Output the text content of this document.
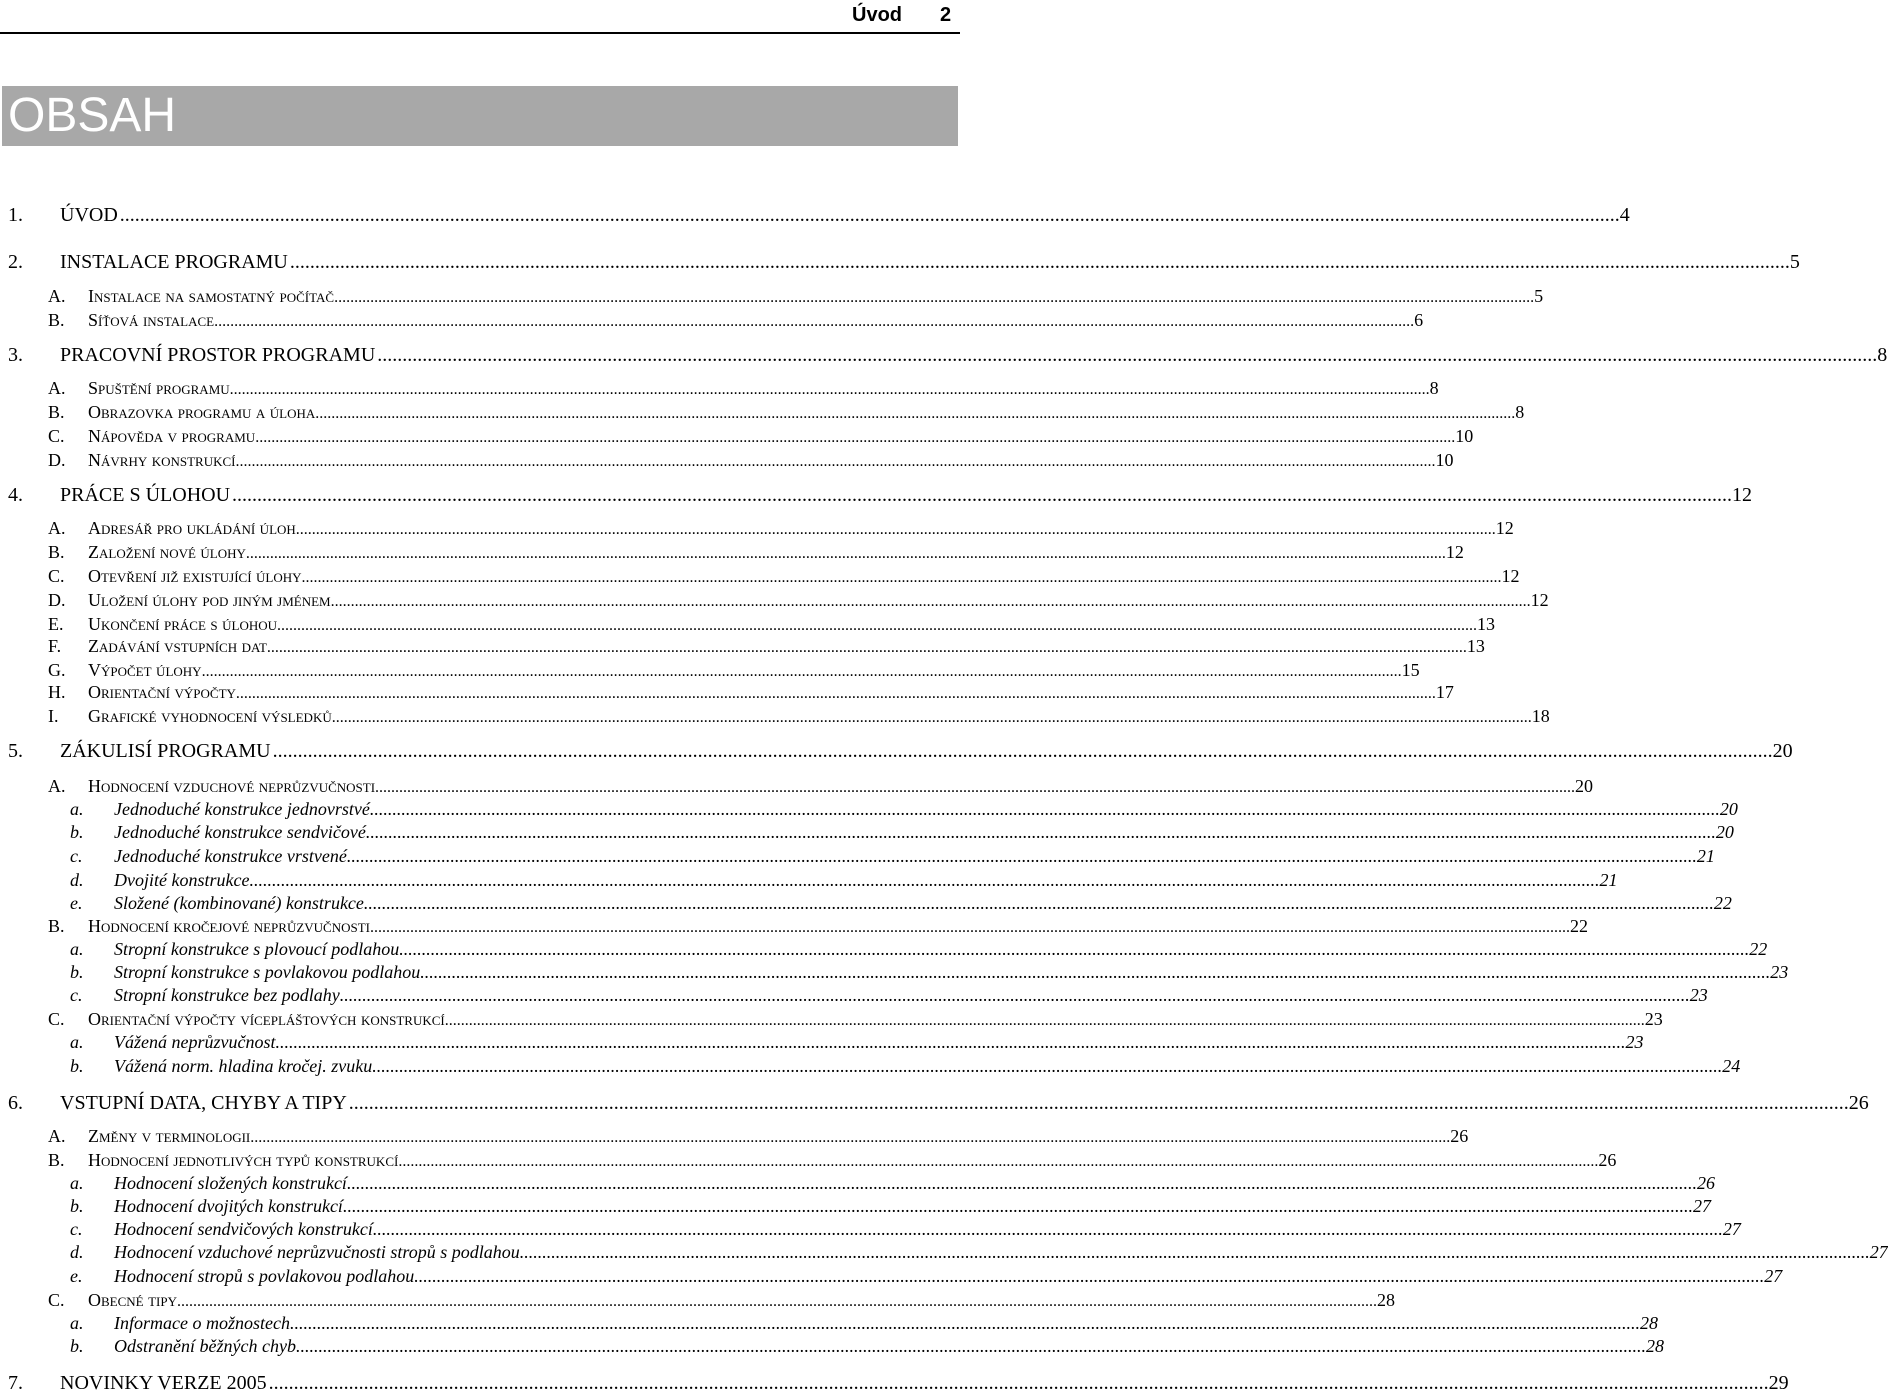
Úvod 2
OBSAH
1. ÚVOD ............................................................................................................................................................................................................................................................................................................ 4
2. INSTALACE PROGRAMU ............................................................................................................................................................................................................................................................................................................ 5
A. Instalace na samostatný počítač ............................................................................................................................................................................................................................................................................................................ 5
B. Síťová instalace ............................................................................................................................................................................................................................................................................................................ 6
3. PRACOVNÍ PROSTOR PROGRAMU ............................................................................................................................................................................................................................................................................................................ 8
A. Spuštění programu ............................................................................................................................................................................................................................................................................................................ 8
B. Obrazovka programu a úloha ............................................................................................................................................................................................................................................................................................................ 8
C. Nápověda v programu ............................................................................................................................................................................................................................................................................................................ 10
D. Návrhy konstrukcí ............................................................................................................................................................................................................................................................................................................ 10
4. PRÁCE S ÚLOHOU ............................................................................................................................................................................................................................................................................................................ 12
A. Adresář pro ukládání úloh ............................................................................................................................................................................................................................................................................................................ 12
B. Založení nové úlohy ............................................................................................................................................................................................................................................................................................................ 12
C. Otevření již existující úlohy ............................................................................................................................................................................................................................................................................................................ 12
D. Uložení úlohy pod jiným jménem ............................................................................................................................................................................................................................................................................................................ 12
E. Ukončení práce s úlohou ............................................................................................................................................................................................................................................................................................................ 13
F. Zadávání vstupních dat ............................................................................................................................................................................................................................................................................................................ 13
G. Výpočet úlohy ............................................................................................................................................................................................................................................................................................................ 15
H. Orientační výpočty ............................................................................................................................................................................................................................................................................................................ 17
I. Grafické vyhodnocení výsledků ............................................................................................................................................................................................................................................................................................................ 18
5. ZÁKULISÍ PROGRAMU ............................................................................................................................................................................................................................................................................................................ 20
A. Hodnocení vzduchové neprůzvučnosti ............................................................................................................................................................................................................................................................................................................ 20
a. Jednoduché konstrukce jednovrstvé ............................................................................................................................................................................................................................................................................................................ 20
b. Jednoduché konstrukce sendvičové ............................................................................................................................................................................................................................................................................................................ 20
c. Jednoduché konstrukce vrstvené ............................................................................................................................................................................................................................................................................................................ 21
d. Dvojité konstrukce ............................................................................................................................................................................................................................................................................................................ 21
e. Složené (kombinované) konstrukce ............................................................................................................................................................................................................................................................................................................ 22
B. Hodnocení kročejové neprůzvučnosti ............................................................................................................................................................................................................................................................................................................ 22
a. Stropní konstrukce s plovoucí podlahou ............................................................................................................................................................................................................................................................................................................ 22
b. Stropní konstrukce s povlakovou podlahou ............................................................................................................................................................................................................................................................................................................ 23
c. Stropní konstrukce bez podlahy ............................................................................................................................................................................................................................................................................................................ 23
C. Orientační výpočty vícepláštových konstrukcí ............................................................................................................................................................................................................................................................................................................ 23
a. Vážená neprůzvučnost ............................................................................................................................................................................................................................................................................................................ 23
b. Vážená norm. hladina kročej. zvuku ............................................................................................................................................................................................................................................................................................................ 24
6. VSTUPNÍ DATA, CHYBY A TIPY ............................................................................................................................................................................................................................................................................................................ 26
A. Změny v terminologii ............................................................................................................................................................................................................................................................................................................ 26
B. Hodnocení jednotlivých typů konstrukcí ............................................................................................................................................................................................................................................................................................................ 26
a. Hodnocení složených konstrukcí ............................................................................................................................................................................................................................................................................................................ 26
b. Hodnocení dvojitých konstrukcí ............................................................................................................................................................................................................................................................................................................ 27
c. Hodnocení sendvičových konstrukcí ............................................................................................................................................................................................................................................................................................................ 27
d. Hodnocení vzduchové neprůzvučnosti stropů s podlahou ............................................................................................................................................................................................................................................................................................................ 27
e. Hodnocení stropů s povlakovou podlahou ............................................................................................................................................................................................................................................................................................................ 27
C. Obecné tipy ............................................................................................................................................................................................................................................................................................................ 28
a. Informace o možnostech ............................................................................................................................................................................................................................................................................................................ 28
b. Odstranění běžných chyb ............................................................................................................................................................................................................................................................................................................ 28
7. NOVINKY VERZE 2005 ............................................................................................................................................................................................................................................................................................................ 29
